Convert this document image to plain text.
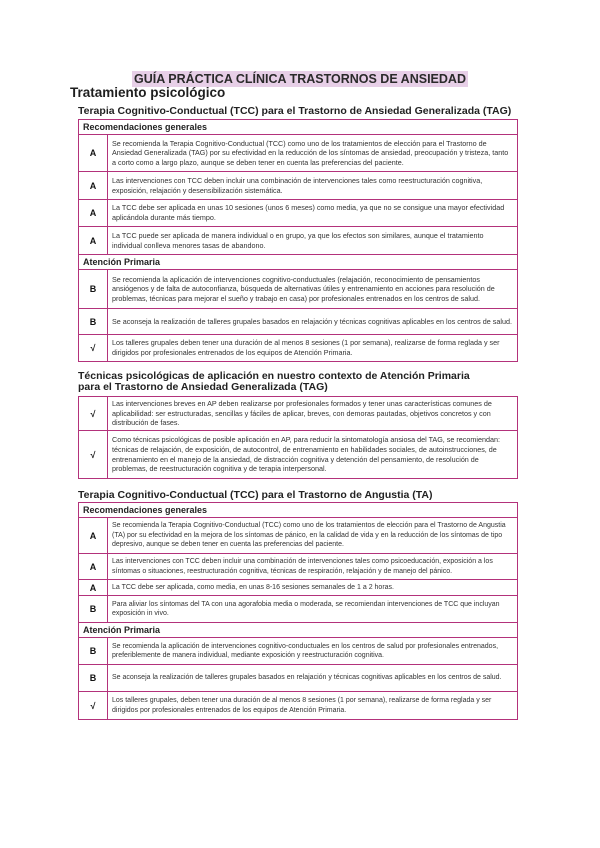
GUÍA PRÁCTICA CLÍNICA TRASTORNOS DE ANSIEDAD
Tratamiento psicológico
Terapia Cognitivo-Conductual (TCC) para el Trastorno de Ansiedad Generalizada (TAG)
Recomendaciones generales	
A	Se recomienda la Terapia Cognitivo-Conductual (TCC) como uno de los tratamientos de elección para el Trastorno de Ansiedad Generalizada (TAG) por su efectividad en la reducción de los síntomas de ansiedad, preocupación y tristeza, tanto a corto como a largo plazo, aunque se deben tener en cuenta las preferencias del paciente.
A	Las intervenciones con TCC deben incluir una combinación de intervenciones tales como reestructuración cognitiva, exposición, relajación y desensibilización sistemática.
A	La TCC debe ser aplicada en unas 10 sesiones (unos 6 meses) como media, ya que no se consigue una mayor efectividad aplicándola durante más tiempo.
A	La TCC puede ser aplicada de manera individual o en grupo, ya que los efectos son similares, aunque el tratamiento individual conlleva menores tasas de abandono.
Atención Primaria	
B	Se recomienda la aplicación de intervenciones cognitivo-conductuales (relajación, reconocimiento de pensamientos ansiógenos y de falta de autoconfianza, búsqueda de alternativas útiles y entrenamiento en acciones para resolución de problemas, técnicas para mejorar el sueño y trabajo en casa) por profesionales entrenados en los centros de salud.
B	Se aconseja la realización de talleres grupales basados en relajación y técnicas cognitivas aplicables en los centros de salud.
√	Los talleres grupales deben tener una duración de al menos 8 sesiones (1 por semana), realizarse de forma reglada y ser dirigidos por profesionales entrenados de los equipos de Atención Primaria.
Técnicas psicológicas de aplicación en nuestro contexto de Atención Primaria para el Trastorno de Ansiedad Generalizada (TAG)
√	Las intervenciones breves en AP deben realizarse por profesionales formados y tener unas características comunes de aplicabilidad: ser estructuradas, sencillas y fáciles de aplicar, breves, con demoras pautadas, objetivos concretos y con distribución de fases.
√	Como técnicas psicológicas de posible aplicación en AP, para reducir la sintomatología ansiosa del TAG, se recomiendan: técnicas de relajación, de exposición, de autocontrol, de entrenamiento en habilidades sociales, de autoinstrucciones, de entrenamiento en el manejo de la ansiedad, de distracción cognitiva y detención del pensamiento, de resolución de problemas, de reestructuración cognitiva y de terapia interpersonal.
Terapia Cognitivo-Conductual (TCC) para el Trastorno de Angustia (TA)
Recomendaciones generales	
A	Se recomienda la Terapia Cognitivo-Conductual (TCC) como uno de los tratamientos de elección para el Trastorno de Angustia (TA) por su efectividad en la mejora de los síntomas de pánico, en la calidad de vida y en la reducción de los síntomas de tipo depresivo, aunque se deben tener en cuenta las preferencias del paciente.
A	Las intervenciones con TCC deben incluir una combinación de intervenciones tales como psicoeducación, exposición a los síntomas o situaciones, reestructuración cognitiva, técnicas de respiración, relajación y de manejo del pánico.
A	La TCC debe ser aplicada, como media, en unas 8-16 sesiones semanales de 1 a 2 horas.
B	Para aliviar los síntomas del TA con una agorafobia media o moderada, se recomiendan intervenciones de TCC que incluyan exposición in vivo.
Atención Primaria	
B	Se recomienda la aplicación de intervenciones cognitivo-conductuales en los centros de salud por profesionales entrenados, preferiblemente de manera individual, mediante exposición y reestructuración cognitiva.
B	Se aconseja la realización de talleres grupales basados en relajación y técnicas cognitivas aplicables en los centros de salud.
√	Los talleres grupales, deben tener una duración de al menos 8 sesiones (1 por semana), realizarse de forma reglada y ser dirigidos por profesionales entrenados de los equipos de Atención Primaria.
